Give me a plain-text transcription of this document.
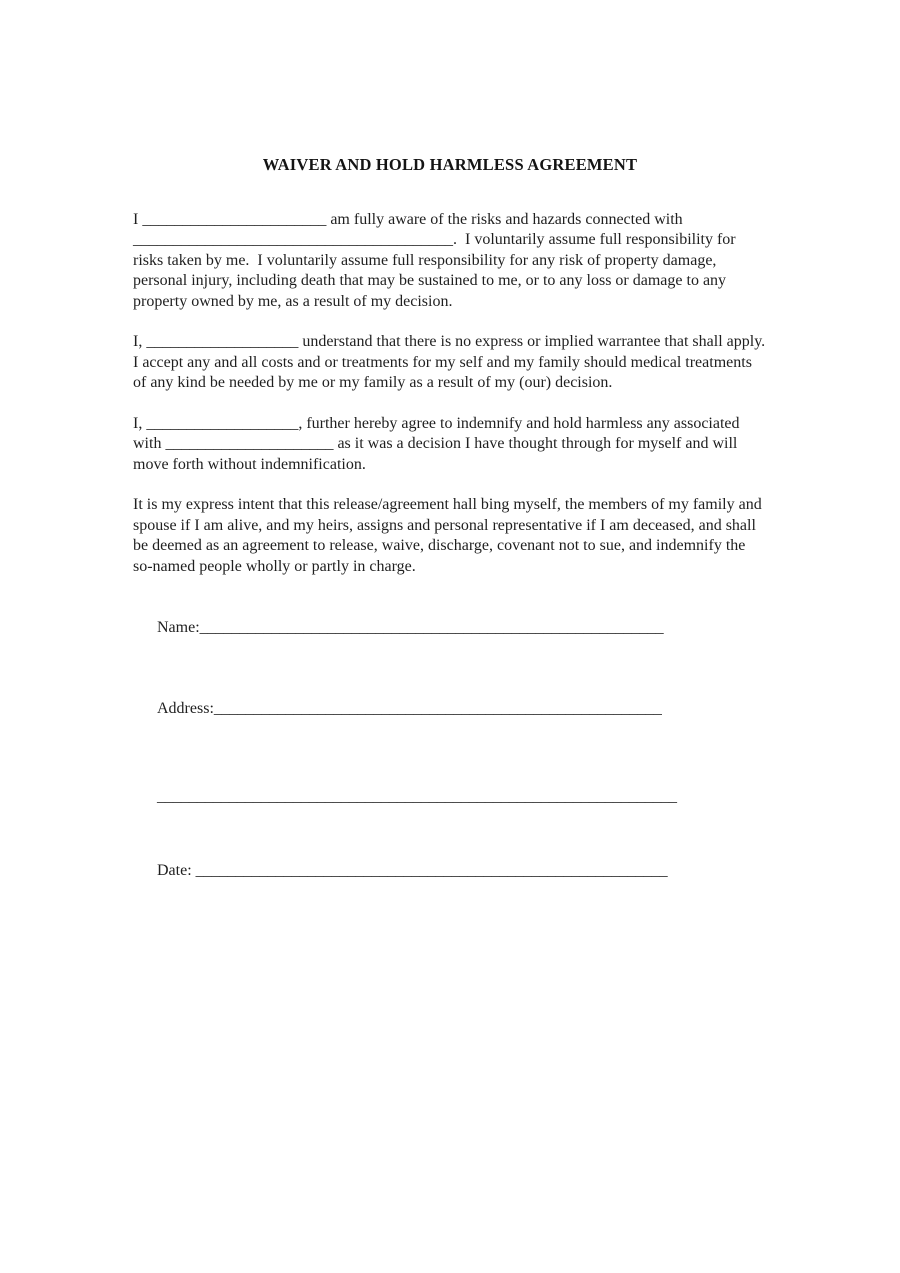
WAIVER AND HOLD HARMLESS AGREEMENT

I _______________________ am fully aware of the risks and hazards connected with ________________________________________.  I voluntarily assume full responsibility for risks taken by me.  I voluntarily assume full responsibility for any risk of property damage, personal injury, including death that may be sustained to me, or to any loss or damage to any property owned by me, as a result of my decision.

I, ___________________ understand that there is no express or implied warrantee that shall apply. I accept any and all costs and or treatments for my self and my family should medical treatments of any kind be needed by me or my family as a result of my (our) decision.

I, ___________________, further hereby agree to indemnify and hold harmless any associated with _____________________ as it was a decision I have thought through for myself and will move forth without indemnification.

It is my express intent that this release/agreement hall bing myself, the members of my family and spouse if I am alive, and my heirs, assigns and personal representative if I am deceased, and shall be deemed as an agreement to release, waive, discharge, covenant not to sue, and indemnify the so-named people wholly or partly in charge.

Name:__________________________________________________________

Address:________________________________________________________

_________________________________________________________________

Date: ___________________________________________________________
